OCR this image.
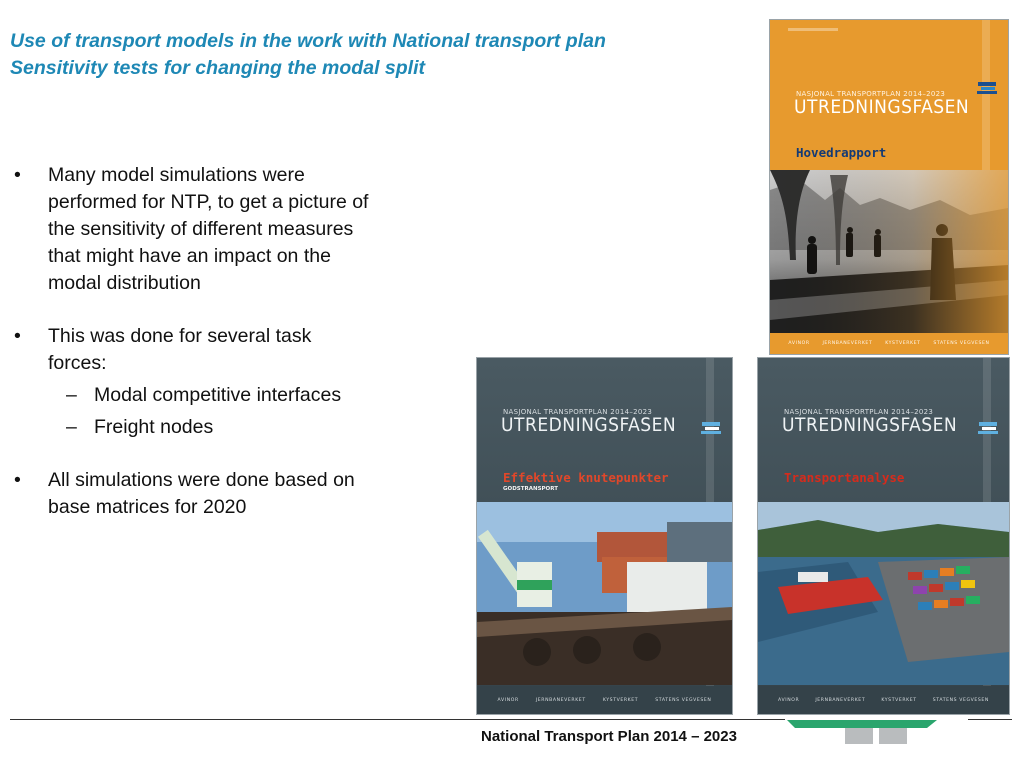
Use of transport models in the work with National transport plan
Sensitivity tests for changing the modal split
• Many model simulations were performed for NTP, to get a picture of the sensitivity of different measures that might have an impact on the modal distribution
• This was done for several task forces:
– Modal competitive interfaces
– Freight nodes
• All simulations were done based on base matrices for 2020
NASJONAL TRANSPORTPLAN 2014–2023
UTREDNINGSFASEN
Hovedrapport
AVINOR	JERNBANEVERKET	KYSTVERKET	STATENS VEGVESEN
NASJONAL TRANSPORTPLAN 2014–2023
UTREDNINGSFASEN
Effektive knutepunkter
GODSTRANSPORT
AVINOR	JERNBANEVERKET	KYSTVERKET	STATENS VEGVESEN
NASJONAL TRANSPORTPLAN 2014–2023
UTREDNINGSFASEN
Transportanalyse
AVINOR	JERNBANEVERKET	KYSTVERKET	STATENS VEGVESEN
National Transport Plan 2014 – 2023
